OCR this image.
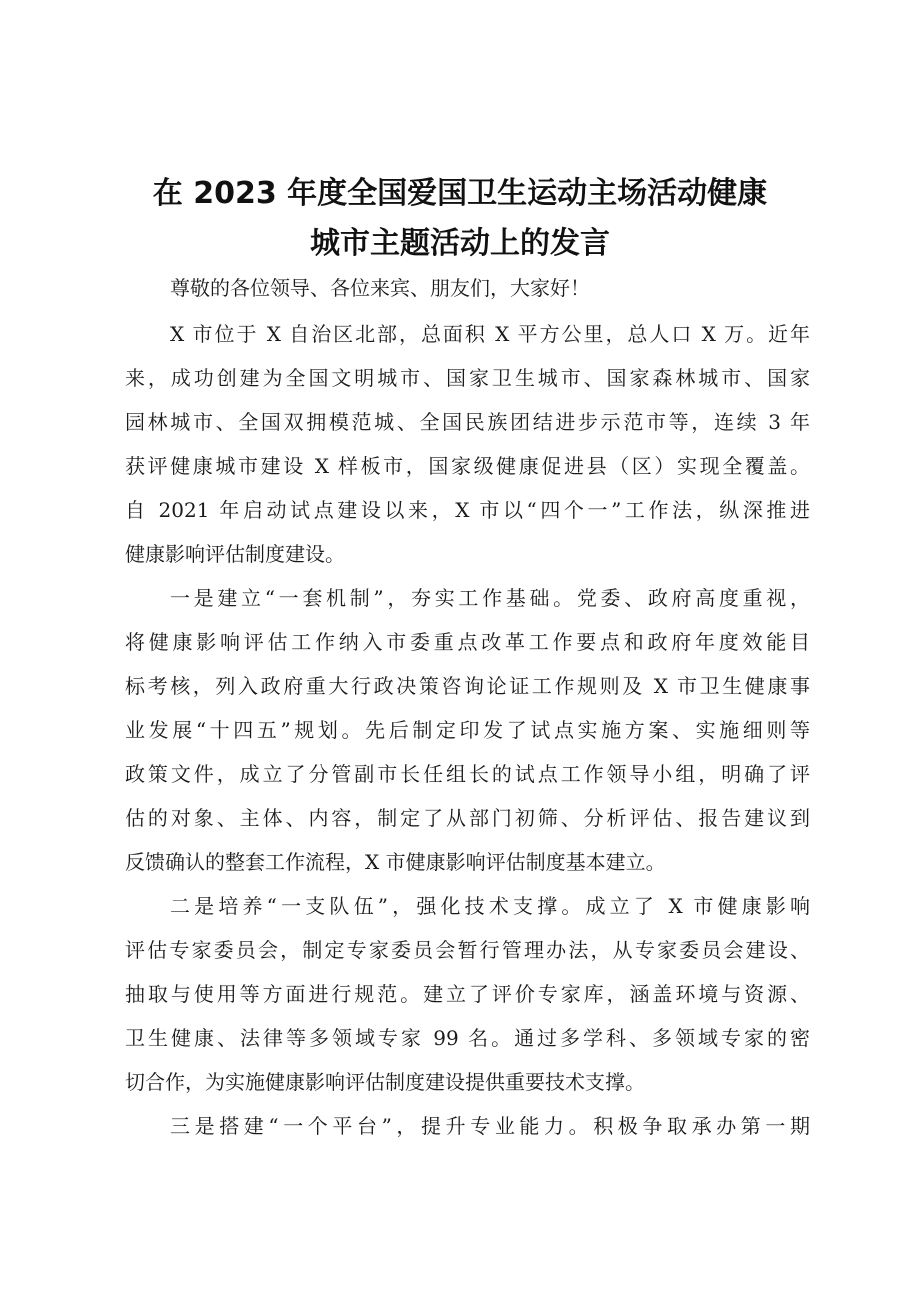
在 2023 年度全国爱国卫生运动主场活动健康
城市主题活动上的发言
尊敬的各位领导、各位来宾、朋友们，大家好！
X 市位于 X 自治区北部，总面积 X 平方公里，总人口 X 万。近年
来，成功创建为全国文明城市、国家卫生城市、国家森林城市、国家
园林城市、全国双拥模范城、全国民族团结进步示范市等，连续 3 年
获评健康城市建设 X 样板市，国家级健康促进县（区）实现全覆盖。
自 2021 年启动试点建设以来，X 市以“四个一”工作法，纵深推进
健康影响评估制度建设。
一是建立“一套机制”，夯实工作基础。党委、政府高度重视，
将健康影响评估工作纳入市委重点改革工作要点和政府年度效能目
标考核，列入政府重大行政决策咨询论证工作规则及 X 市卫生健康事
业发展“十四五”规划。先后制定印发了试点实施方案、实施细则等
政策文件，成立了分管副市长任组长的试点工作领导小组，明确了评
估的对象、主体、内容，制定了从部门初筛、分析评估、报告建议到
反馈确认的整套工作流程，X 市健康影响评估制度基本建立。
二是培养“一支队伍”，强化技术支撑。成立了 X 市健康影响
评估专家委员会，制定专家委员会暂行管理办法，从专家委员会建设、
抽取与使用等方面进行规范。建立了评价专家库，涵盖环境与资源、
卫生健康、法律等多领域专家 99 名。通过多学科、多领域专家的密
切合作，为实施健康影响评估制度建设提供重要技术支撑。
三是搭建“一个平台”，提升专业能力。积极争取承办第一期
